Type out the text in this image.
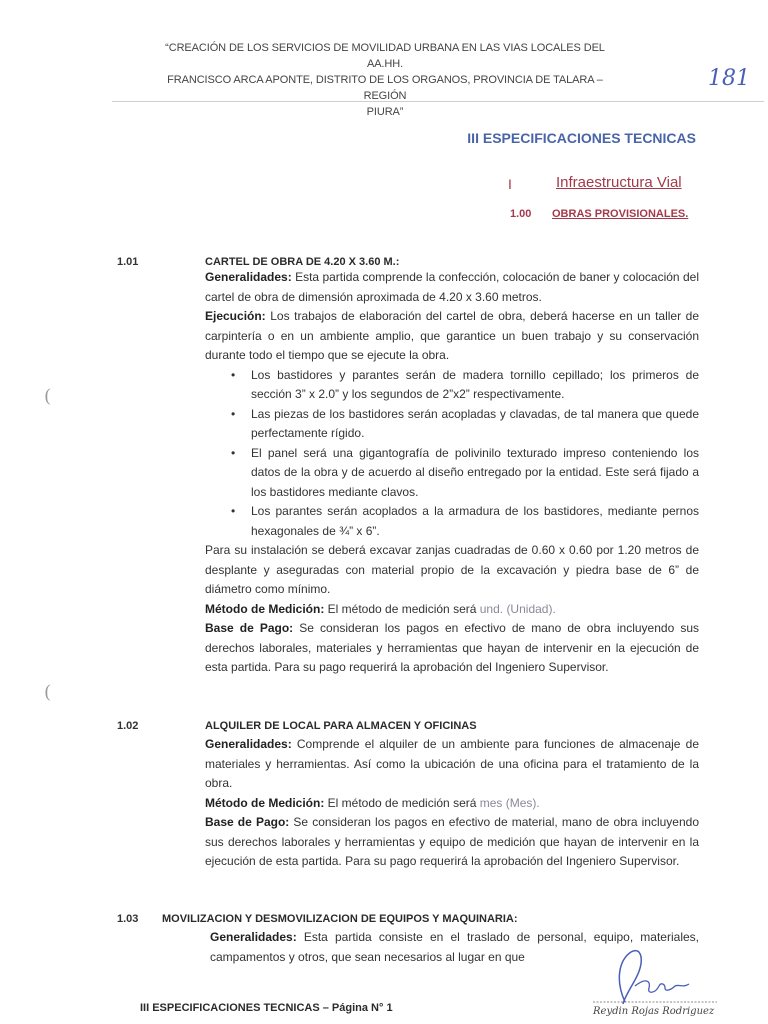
“CREACIÓN DE LOS SERVICIOS DE MOVILIDAD URBANA EN LAS VIAS LOCALES DEL AA.HH.
FRANCISCO ARCA APONTE, DISTRITO DE LOS ORGANOS, PROVINCIA DE TALARA – REGIÓN
PIURA”
181
III ESPECIFICACIONES TECNICAS
I	Infraestructura Vial
1.00 OBRAS PROVISIONALES.
1.01	CARTEL DE OBRA DE 4.20 X 3.60 M.:

Generalidades: Esta partida comprende la confección, colocación de baner y colocación del cartel de obra de dimensión aproximada de 4.20 x 3.60 metros.

Ejecución: Los trabajos de elaboración del cartel de obra, deberá hacerse en un taller de carpintería o en un ambiente amplio, que garantice un buen trabajo y su conservación durante todo el tiempo que se ejecute la obra.

• Los bastidores y parantes serán de madera tornillo cepillado; los primeros de sección 3” x 2.0” y los segundos de 2”x2” respectivamente.
• Las piezas de los bastidores serán acopladas y clavadas, de tal manera que quede perfectamente rígido.
• El panel será una gigantografía de polivinilo texturado impreso conteniendo los datos de la obra y de acuerdo al diseño entregado por la entidad. Este será fijado a los bastidores mediante clavos.
• Los parantes serán acoplados a la armadura de los bastidores, mediante pernos hexagonales de ¾” x 6”.

Para su instalación se deberá excavar zanjas cuadradas de 0.60 x 0.60 por 1.20 metros de desplante y aseguradas con material propio de la excavación y piedra base de 6” de diámetro como mínimo.

Método de Medición: El método de medición será und. (Unidad).

Base de Pago: Se consideran los pagos en efectivo de mano de obra incluyendo sus derechos laborales, materiales y herramientas que hayan de intervenir en la ejecución de esta partida. Para su pago requerirá la aprobación del Ingeniero Supervisor.

1.02	ALQUILER DE LOCAL PARA ALMACEN Y OFICINAS

Generalidades: Comprende el alquiler de un ambiente para funciones de almacenaje de materiales y herramientas. Así como la ubicación de una oficina para el tratamiento de la obra.

Método de Medición: El método de medición será mes (Mes).

Base de Pago: Se consideran los pagos en efectivo de material, mano de obra incluyendo sus derechos laborales y herramientas y equipo de medición que hayan de intervenir en la ejecución de esta partida. Para su pago requerirá la aprobación del Ingeniero Supervisor.

1.03 MOVILIZACION Y DESMOVILIZACION DE EQUIPOS Y MAQUINARIA:

Generalidades: Esta partida consiste en el traslado de personal, equipo, materiales, campamentos y otros, que sean necesarios al lugar en que

(
(
III ESPECIFICACIONES TECNICAS – Página N° 1	Reydin Rojas Rodriguez
